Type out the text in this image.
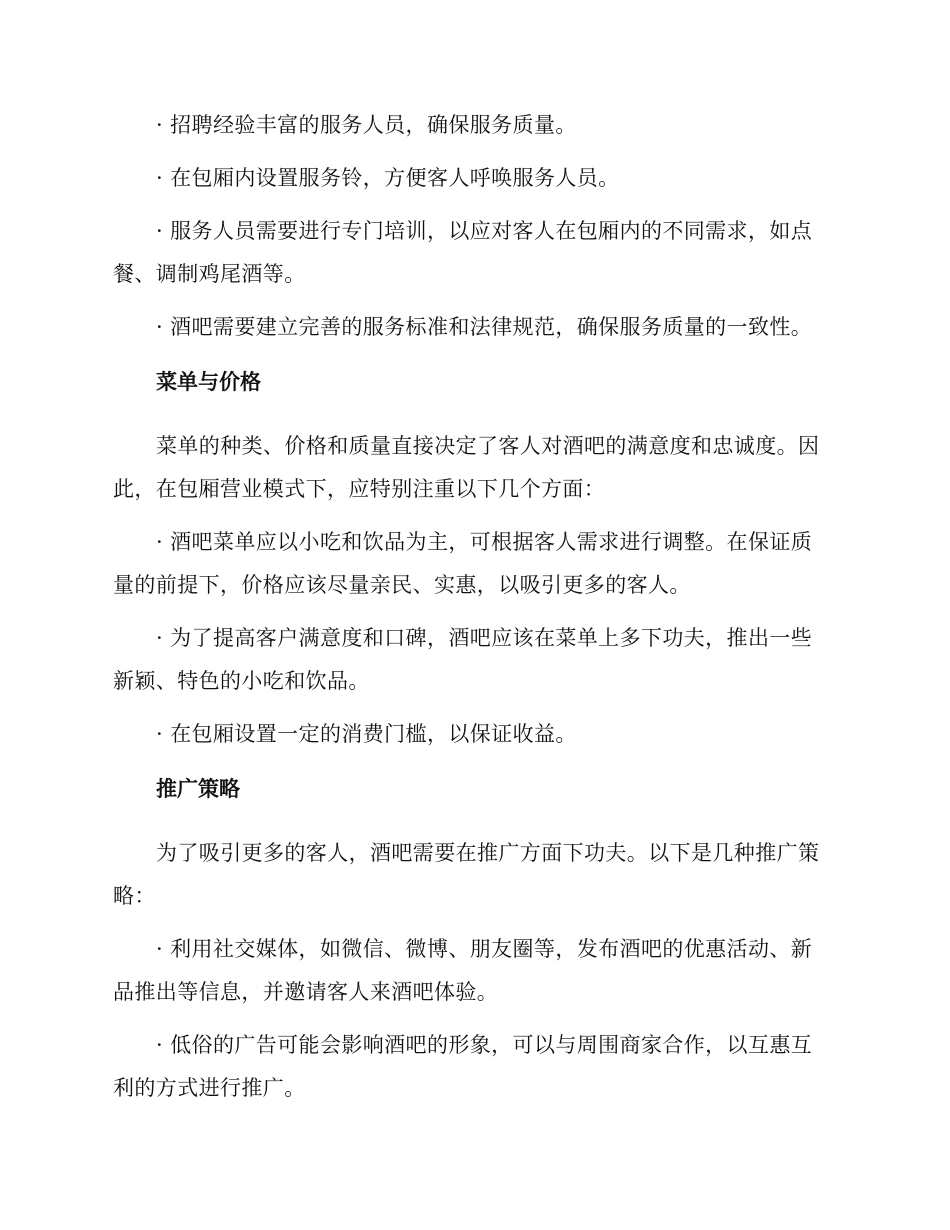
· 招聘经验丰富的服务人员，确保服务质量。

· 在包厢内设置服务铃，方便客人呼唤服务人员。

· 服务人员需要进行专门培训，以应对客人在包厢内的不同需求，如点餐、调制鸡尾酒等。

· 酒吧需要建立完善的服务标准和法律规范，确保服务质量的一致性。

菜单与价格

菜单的种类、价格和质量直接决定了客人对酒吧的满意度和忠诚度。因此，在包厢营业模式下，应特别注重以下几个方面：

· 酒吧菜单应以小吃和饮品为主，可根据客人需求进行调整。在保证质量的前提下，价格应该尽量亲民、实惠，以吸引更多的客人。

· 为了提高客户满意度和口碑，酒吧应该在菜单上多下功夫，推出一些新颖、特色的小吃和饮品。

· 在包厢设置一定的消费门槛，以保证收益。

推广策略

为了吸引更多的客人，酒吧需要在推广方面下功夫。以下是几种推广策略：

· 利用社交媒体，如微信、微博、朋友圈等，发布酒吧的优惠活动、新品推出等信息，并邀请客人来酒吧体验。

· 低俗的广告可能会影响酒吧的形象，可以与周围商家合作，以互惠互利的方式进行推广。
